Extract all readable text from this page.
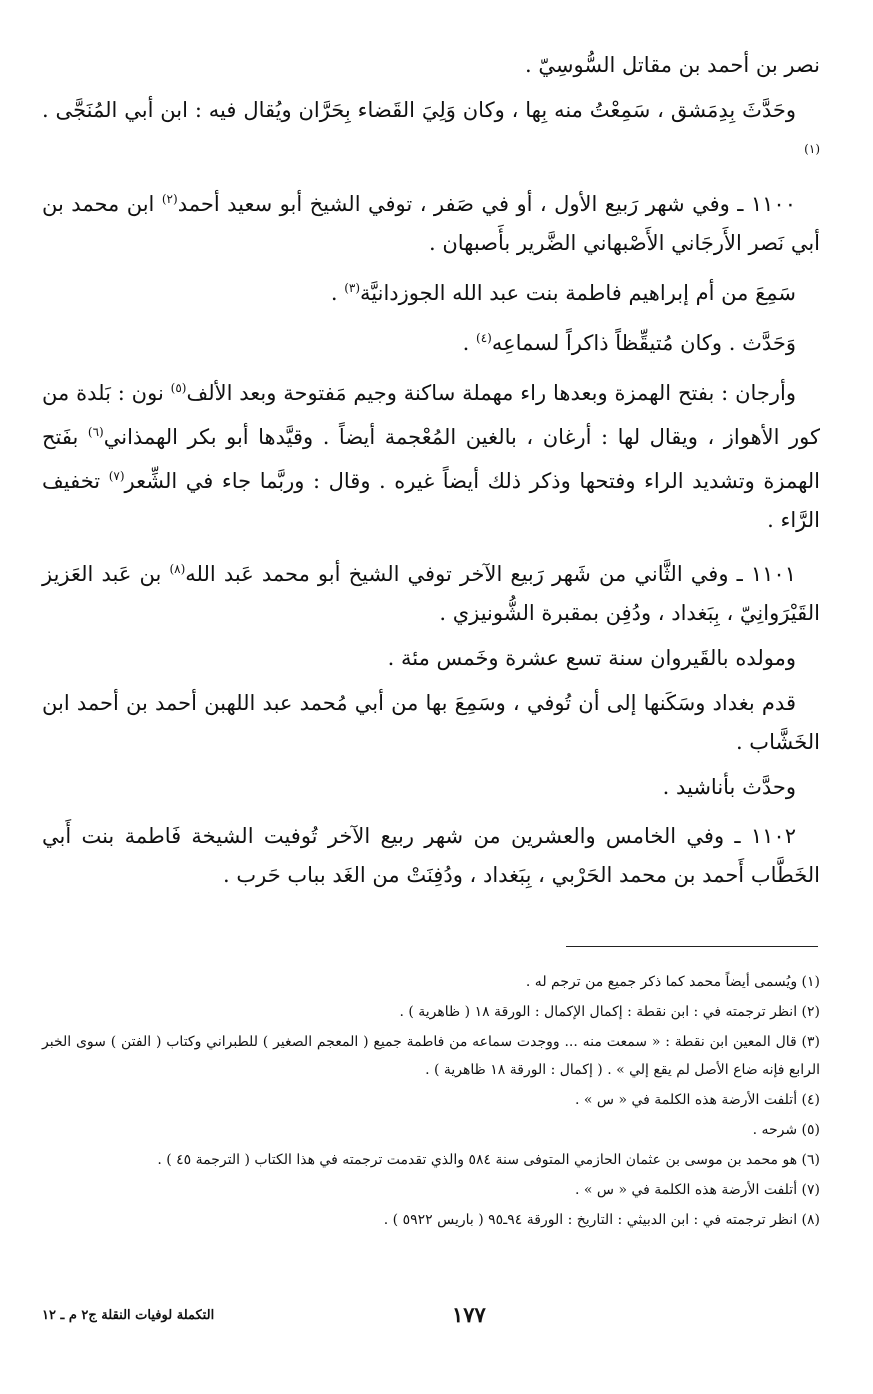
نصر بن أحمد بن مقاتل السُّوسِيّ .

وحَدَّثَ بِدِمَشق ، سَمِعْتُ منه بِها ، وكان وَلِيَ القَضاء بِحَرَّان ويُقال فيه : ابن أبي المُنَجَّى .$^{(١)}$

١١٠٠ ـ وفي شهر رَبيع الأول ، أو في صَفر ، توفي الشيخ أبو سعيد أحمد$^{(٢)}$ ابن محمد بن أبي نَصر الأَرجَاني الأَصْبهاني الضَّرير بأَصبهان .

سَمِعَ من أم إبراهيم فاطمة بنت عبد الله الجوزدانيَّة$^{(٣)}$ .

وَحَدَّث . وكان مُتيقِّظاً ذاكراً لسماعِه$^{(٤)}$ .

وأرجان : بفتح الهمزة وبعدها راء مهملة ساكنة وجيم مَفتوحة وبعد الألف$^{(٥)}$ نون : بَلدة من كور الأهواز ، ويقال لها : أرغان ، بالغين المُعْجمة أيضاً . وقيَّدها أبو بكر الهمذاني$^{(٦)}$ بفَتح الهمزة وتشديد الراء وفتحها وذكر ذلك أيضاً غيره . وقال : وربَّما جاء في الشِّعر$^{(٧)}$ تخفيف الرَّاء .

١١٠١ ـ وفي الثَّاني من شَهر رَبيع الآخر توفي الشيخ أبو محمد عَبد الله$^{(٨)}$ بن عَبد العَزيز القَيْرَوانِيّ ، بِبَغداد ، ودُفِن بمقبرة الشُّونيزي .

ومولده بالقَيروان سنة تسع عشرة وخَمس مئة .

قدم بغداد وسَكَنها إلى أن تُوفي ، وسَمِعَ بها من أبي مُحمد عبد اللهبن أحمد بن أحمد ابن الخَشَّاب .

وحدَّث بأناشيد .

١١٠٢ ـ وفي الخامس والعشرين من شهر ربيع الآخر تُوفيت الشيخة فَاطمة بنت أَبي الخَطَّاب أَحمد بن محمد الحَرْبي ، بِبَغداد ، ودُفِنَتْ من الغَد بباب حَرب .

(١) ويُسمى أيضاً محمد كما ذكر جميع من ترجم له .

(٢) انظر ترجمته في : ابن نقطة : إكمال الإكمال : الورقة ١٨ ( ظاهرية ) .

(٣) قال المعين ابن نقطة : « سمعت منه ... ووجدت سماعه من فاطمة جميع ( المعجم الصغير ) للطبراني وكتاب ( الفتن ) سوى الخبر الرابع فإنه ضاع الأصل لم يقع إلي » . ( إكمال : الورقة ١٨ ظاهرية ) .

(٤) أتلفت الأرضة هذه الكلمة في « س » .

(٥) شرحه .

(٦) هو محمد بن موسى بن عثمان الحازمي المتوفى سنة ٥٨٤ والذي تقدمت ترجمته في هذا الكتاب ( الترجمة ٤٥ ) .

(٧) أتلفت الأرضة هذه الكلمة في « س » .

(٨) انظر ترجمته في : ابن الدبيثي : التاريخ : الورقة ٩٤ـ٩٥ ( باريس ٥٩٢٢ ) .

١٧٧
التكملة لوفيات النقلة ج٢ م ـ ١٢
